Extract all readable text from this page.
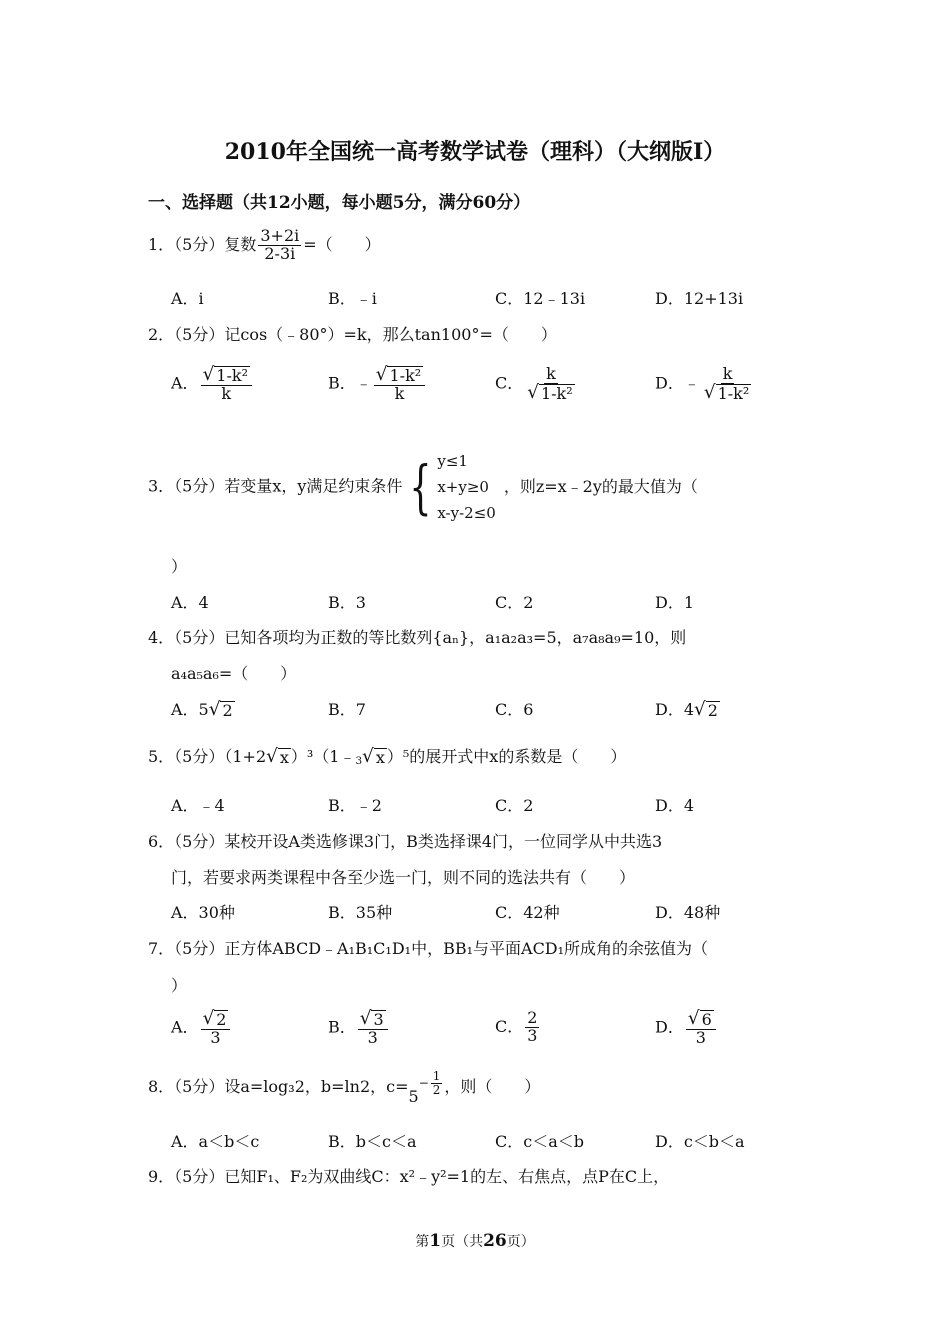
2010年全国统一高考数学试卷（理科）（大纲版Ⅰ）
一、选择题（共12小题，每小题5分，满分60分）
1．（5分）复数 $\frac{3+2i}{2-3i}$ =（　　）
A．i	B．﹣i	C．12﹣13i	D．12+13i
2．（5分）记cos（﹣80°）=k，那么tan100°=（　　）
A． $\frac{\text{√ 1-k²}}{k}$	B．﹣ $\frac{\text{√ 1-k²}}{k}$	C． $\frac{k}{\text{√ 1-k²}}$	D．﹣ $\frac{k}{\text{√ 1-k²}}$
3．（5分）若变量x，y满足约束条件 { y≤1
x+y≥0
x-y-2≤0
，则z=x﹣2y的最大值为（
）
A．4	B．3	C．2	D．1
4．（5分）已知各项均为正数的等比数列{aₙ}，a₁a₂a₃=5，a₇a₈a₉=10，则
a₄a₅a₆=（　　）
A．5 √ 2	B．7	C．6	D．4 √ 2
5．（5分）（1+2 √ x ）³（1﹣ 3 √ x ）⁵的展开式中x的系数是（　　）
A．﹣4	B．﹣2	C．2	D．4
6．（5分）某校开设A类选修课3门，B类选择课4门，一位同学从中共选3
门，若要求两类课程中各至少选一门，则不同的选法共有（　　）
A．30种	B．35种	C．42种	D．48种
7．（5分）正方体ABCD﹣A₁B₁C₁D₁中，BB₁与平面ACD₁所成角的余弦值为（
）
A． $\frac{√ 2}{3}$	B． $\frac{√ 3}{3}$	C． $\frac{2}{3}$	D． $\frac{√ 6}{3}$
8．（5分）设a=log₃2，b=ln2，c=5
− $\frac{1}{2}$ ，则（　　）
A．a＜b＜c	B．b＜c＜a	C．c＜a＜b	D．c＜b＜a
9．（5分）已知F₁、F₂为双曲线C：x²﹣y²=1的左、右焦点，点P在C上，
第1页（共26页）
